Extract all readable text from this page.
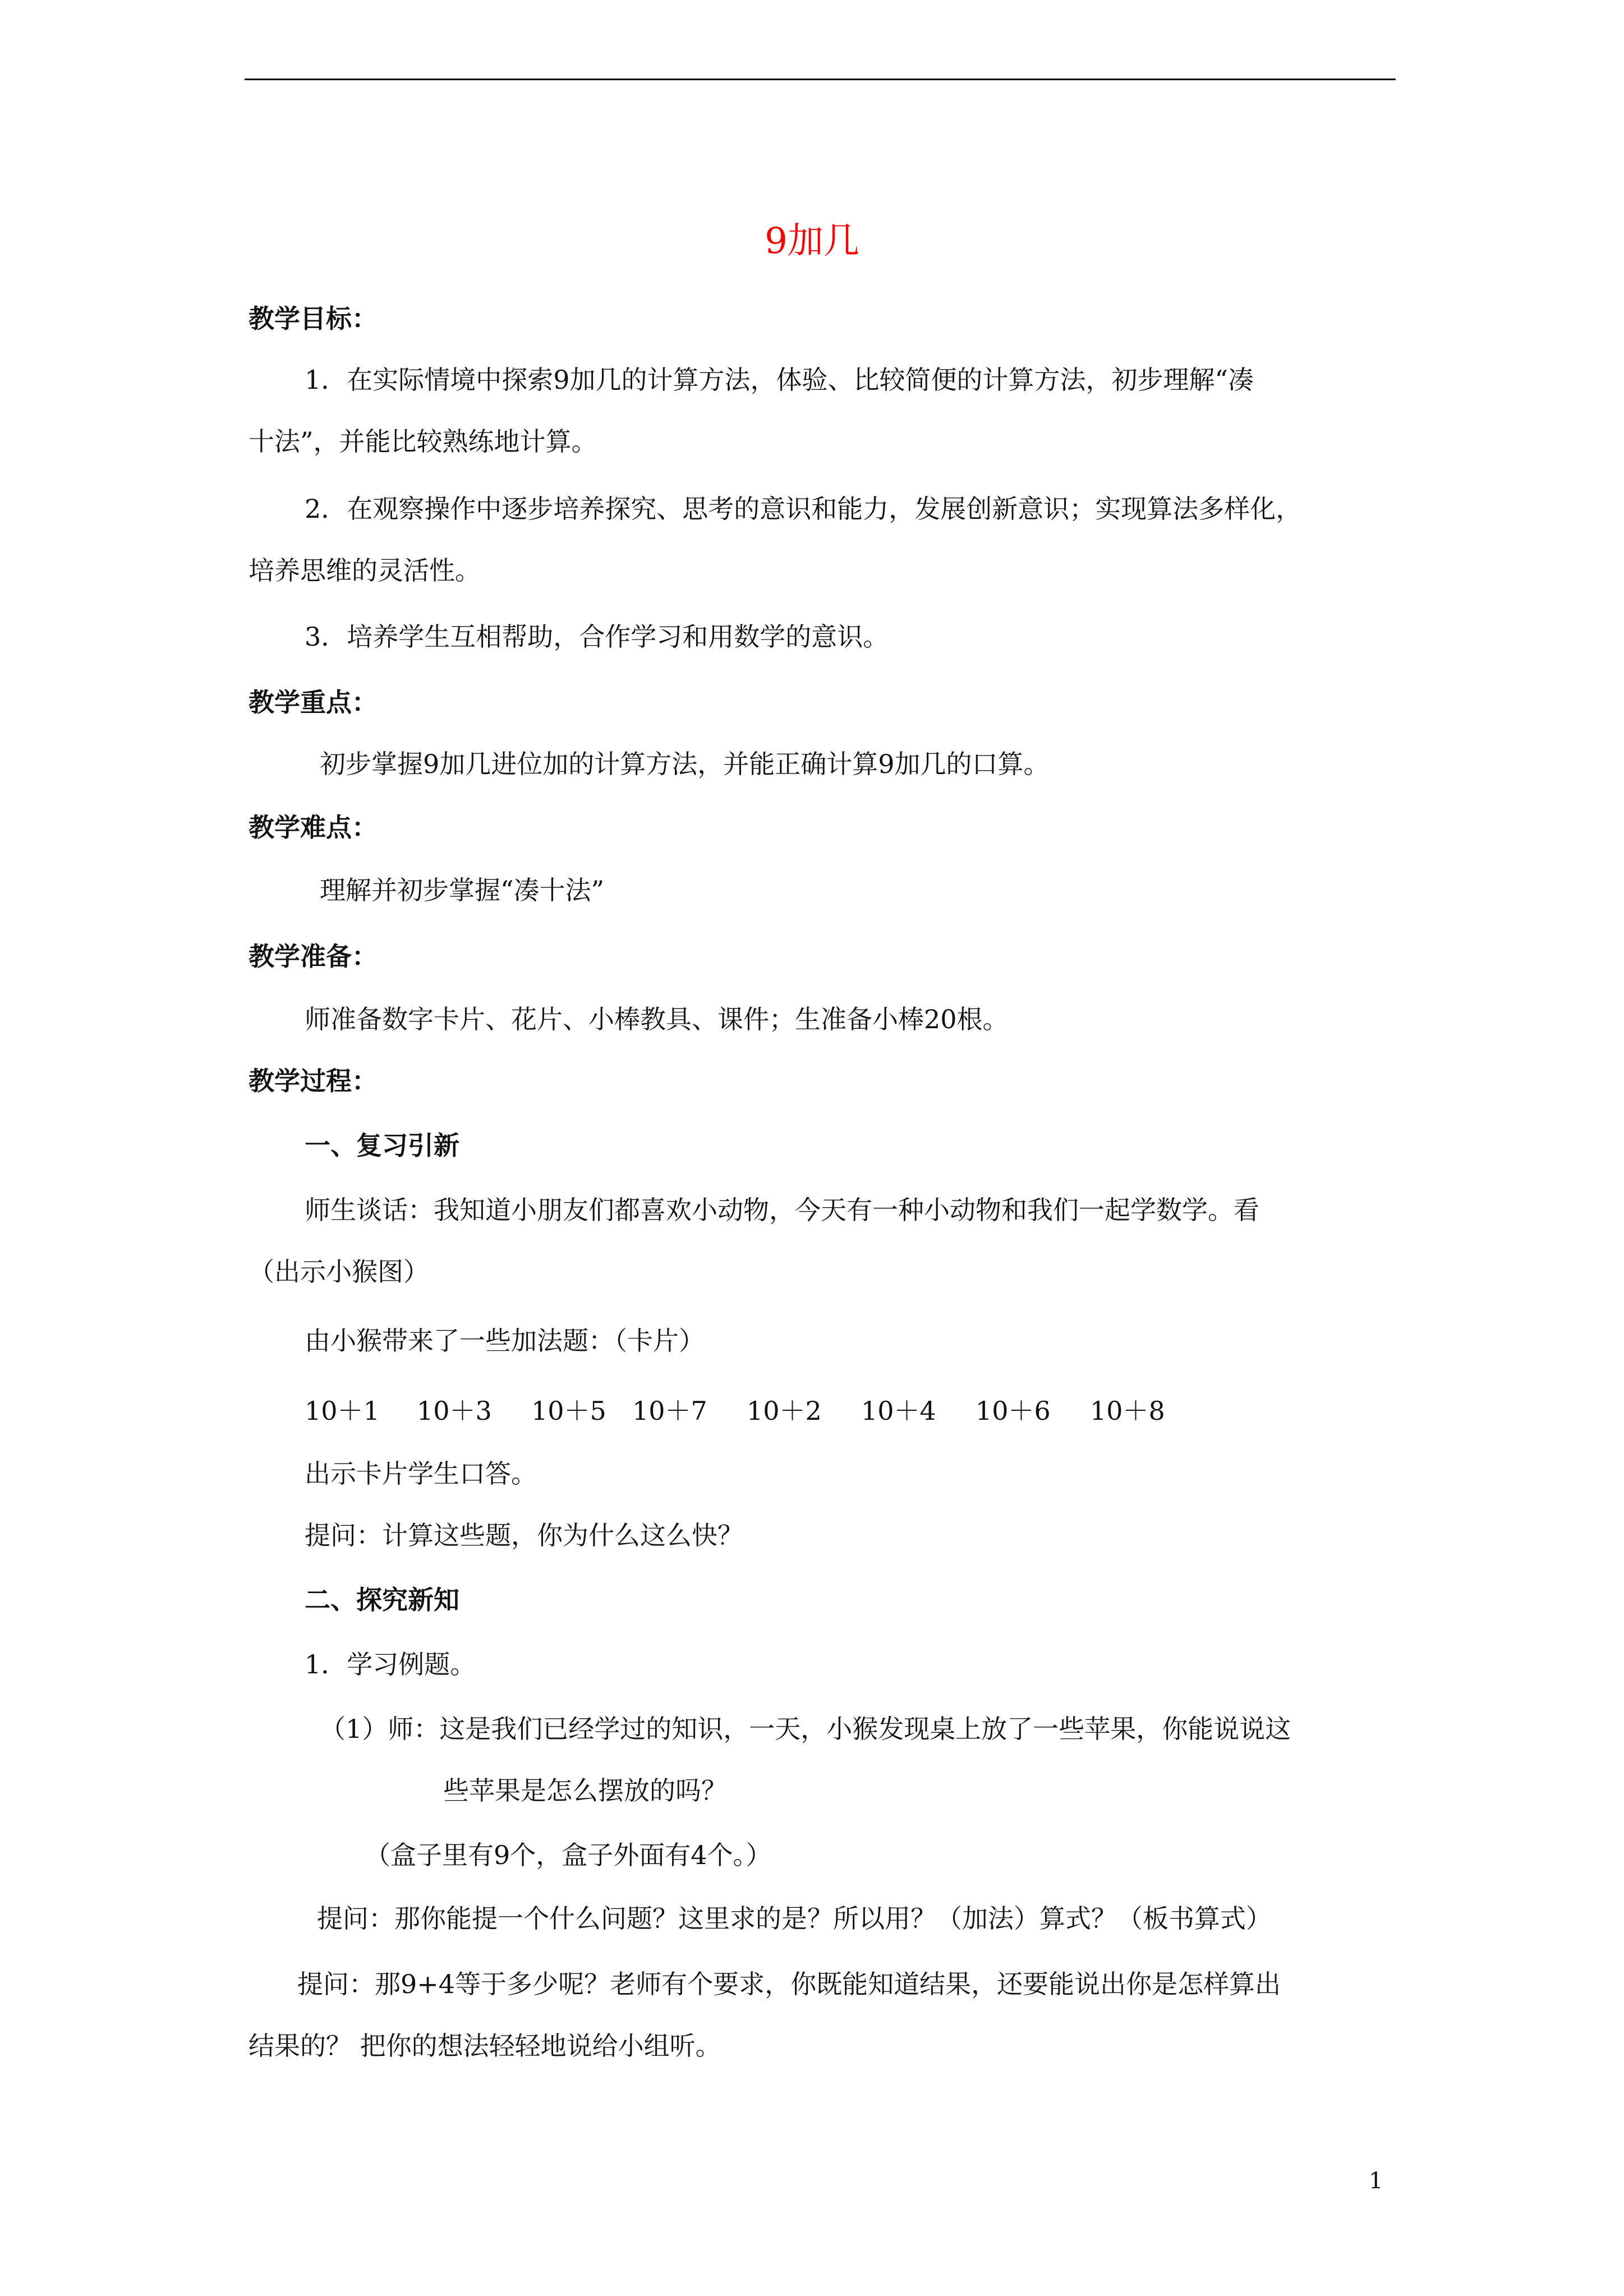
9加几

教学目标：

1．在实际情境中探索9加几的计算方法，体验、比较简便的计算方法，初步理解“凑

十法”，并能比较熟练地计算。

2．在观察操作中逐步培养探究、思考的意识和能力，发展创新意识；实现算法多样化，

培养思维的灵活性。

3．培养学生互相帮助，合作学习和用数学的意识。

教学重点：

初步掌握9加几进位加的计算方法，并能正确计算9加几的口算。

教学难点：

理解并初步掌握“凑十法”

教学准备：

师准备数字卡片、花片、小棒教具、课件；生准备小棒20根。

教学过程：

一、复习引新

师生谈话：我知道小朋友们都喜欢小动物，今天有一种小动物和我们一起学数学。看

（出示小猴图）

由小猴带来了一些加法题：（卡片）

10＋1 10＋3 10＋5 10＋7 10＋2 10＋4 10＋6 10＋8

出示卡片学生口答。

提问：计算这些题，你为什么这么快？

二、探究新知

1．学习例题。

（1）师：这是我们已经学过的知识，一天，小猴发现桌上放了一些苹果，你能说说这

些苹果是怎么摆放的吗？

（盒子里有9个，盒子外面有4个。）

提问：那你能提一个什么问题？这里求的是？所以用？（加法）算式？（板书算式）

提问：那9+4等于多少呢？老师有个要求，你既能知道结果，还要能说出你是怎样算出

结果的？ 把你的想法轻轻地说给小组听。

1
